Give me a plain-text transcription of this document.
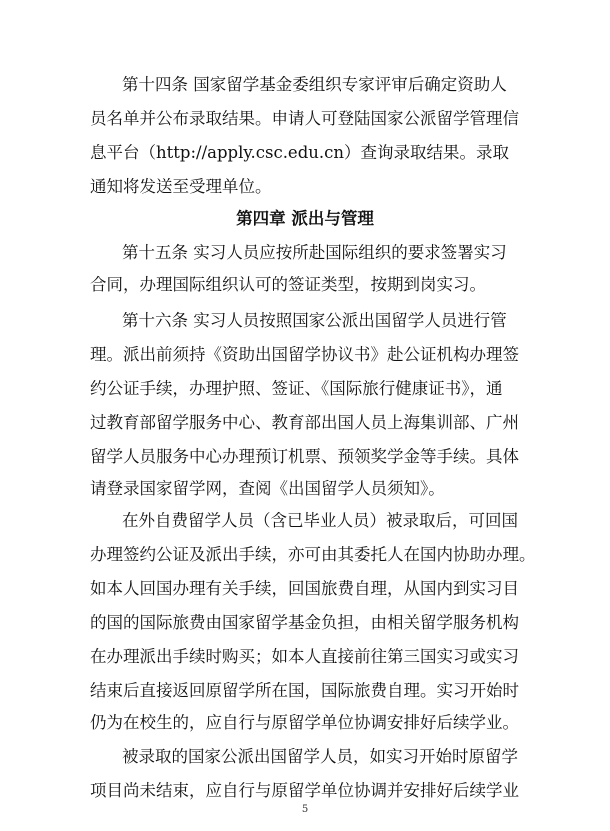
第十四条 国家留学基金委组织专家评审后确定资助人
员名单并公布录取结果。申请人可登陆国家公派留学管理信
息平台（http://apply.csc.edu.cn）查询录取结果。录取
通知将发送至受理单位。
第四章 派出与管理
第十五条 实习人员应按所赴国际组织的要求签署实习
合同，办理国际组织认可的签证类型，按期到岗实习。
第十六条 实习人员按照国家公派出国留学人员进行管
理。派出前须持《资助出国留学协议书》赴公证机构办理签
约公证手续，办理护照、签证、《国际旅行健康证书》，通
过教育部留学服务中心、教育部出国人员上海集训部、广州
留学人员服务中心办理预订机票、预领奖学金等手续。具体
请登录国家留学网，查阅《出国留学人员须知》。
在外自费留学人员（含已毕业人员）被录取后，可回国
办理签约公证及派出手续，亦可由其委托人在国内协助办理。
如本人回国办理有关手续，回国旅费自理，从国内到实习目
的国的国际旅费由国家留学基金负担，由相关留学服务机构
在办理派出手续时购买；如本人直接前往第三国实习或实习
结束后直接返回原留学所在国，国际旅费自理。实习开始时
仍为在校生的，应自行与原留学单位协调安排好后续学业。
被录取的国家公派出国留学人员，如实习开始时原留学
项目尚未结束，应自行与原留学单位协调并安排好后续学业
5
